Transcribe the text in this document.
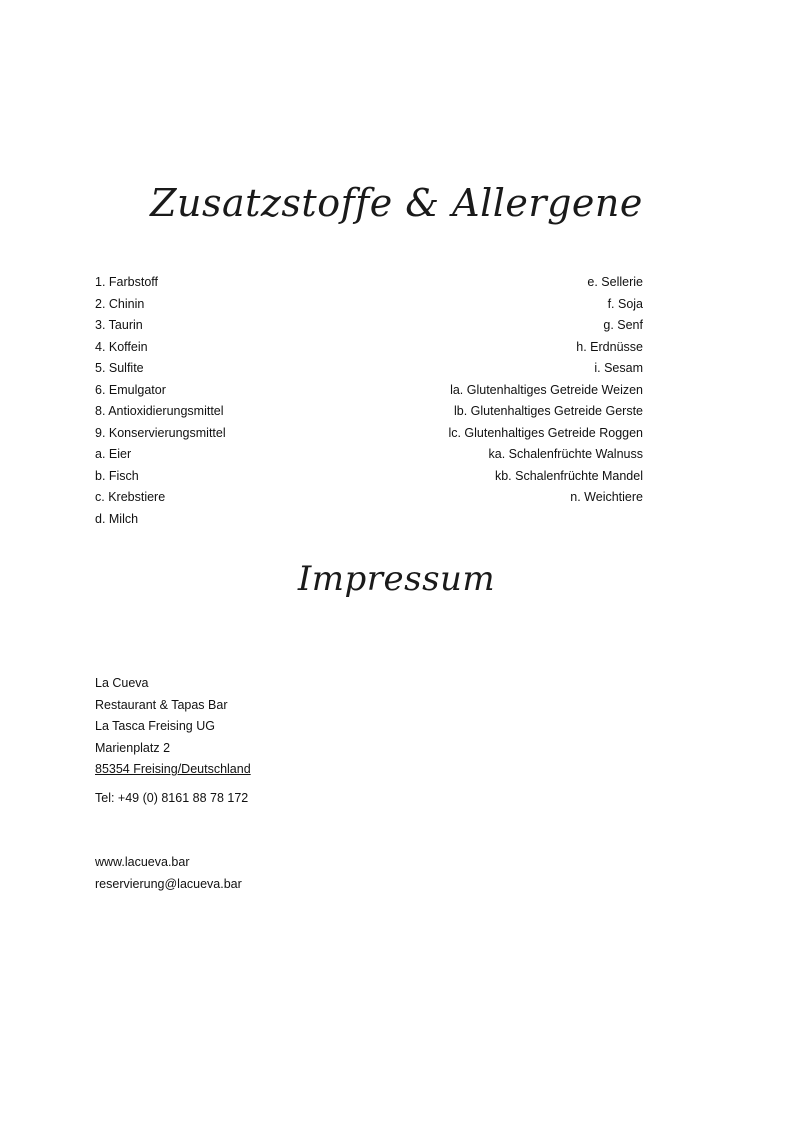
Zusatzstoffe & Allergene
1. Farbstoff
2. Chinin
3. Taurin
4. Koffein
5. Sulfite
6. Emulgator
8. Antioxidierungsmittel
9. Konservierungsmittel
a. Eier
b. Fisch
c. Krebstiere
d. Milch
e. Sellerie
f. Soja
g. Senf
h. Erdnüsse
i. Sesam
la. Glutenhaltiges Getreide Weizen
lb. Glutenhaltiges Getreide Gerste
lc. Glutenhaltiges Getreide Roggen
ka. Schalenfrüchte Walnuss
kb. Schalenfrüchte Mandel
n. Weichtiere
Impressum
La Cueva
Restaurant & Tapas Bar
La Tasca Freising UG
Marienplatz 2
85354 Freising/Deutschland
Tel: +49 (0) 8161 88 78 172
www.lacueva.bar
reservierung@lacueva.bar
